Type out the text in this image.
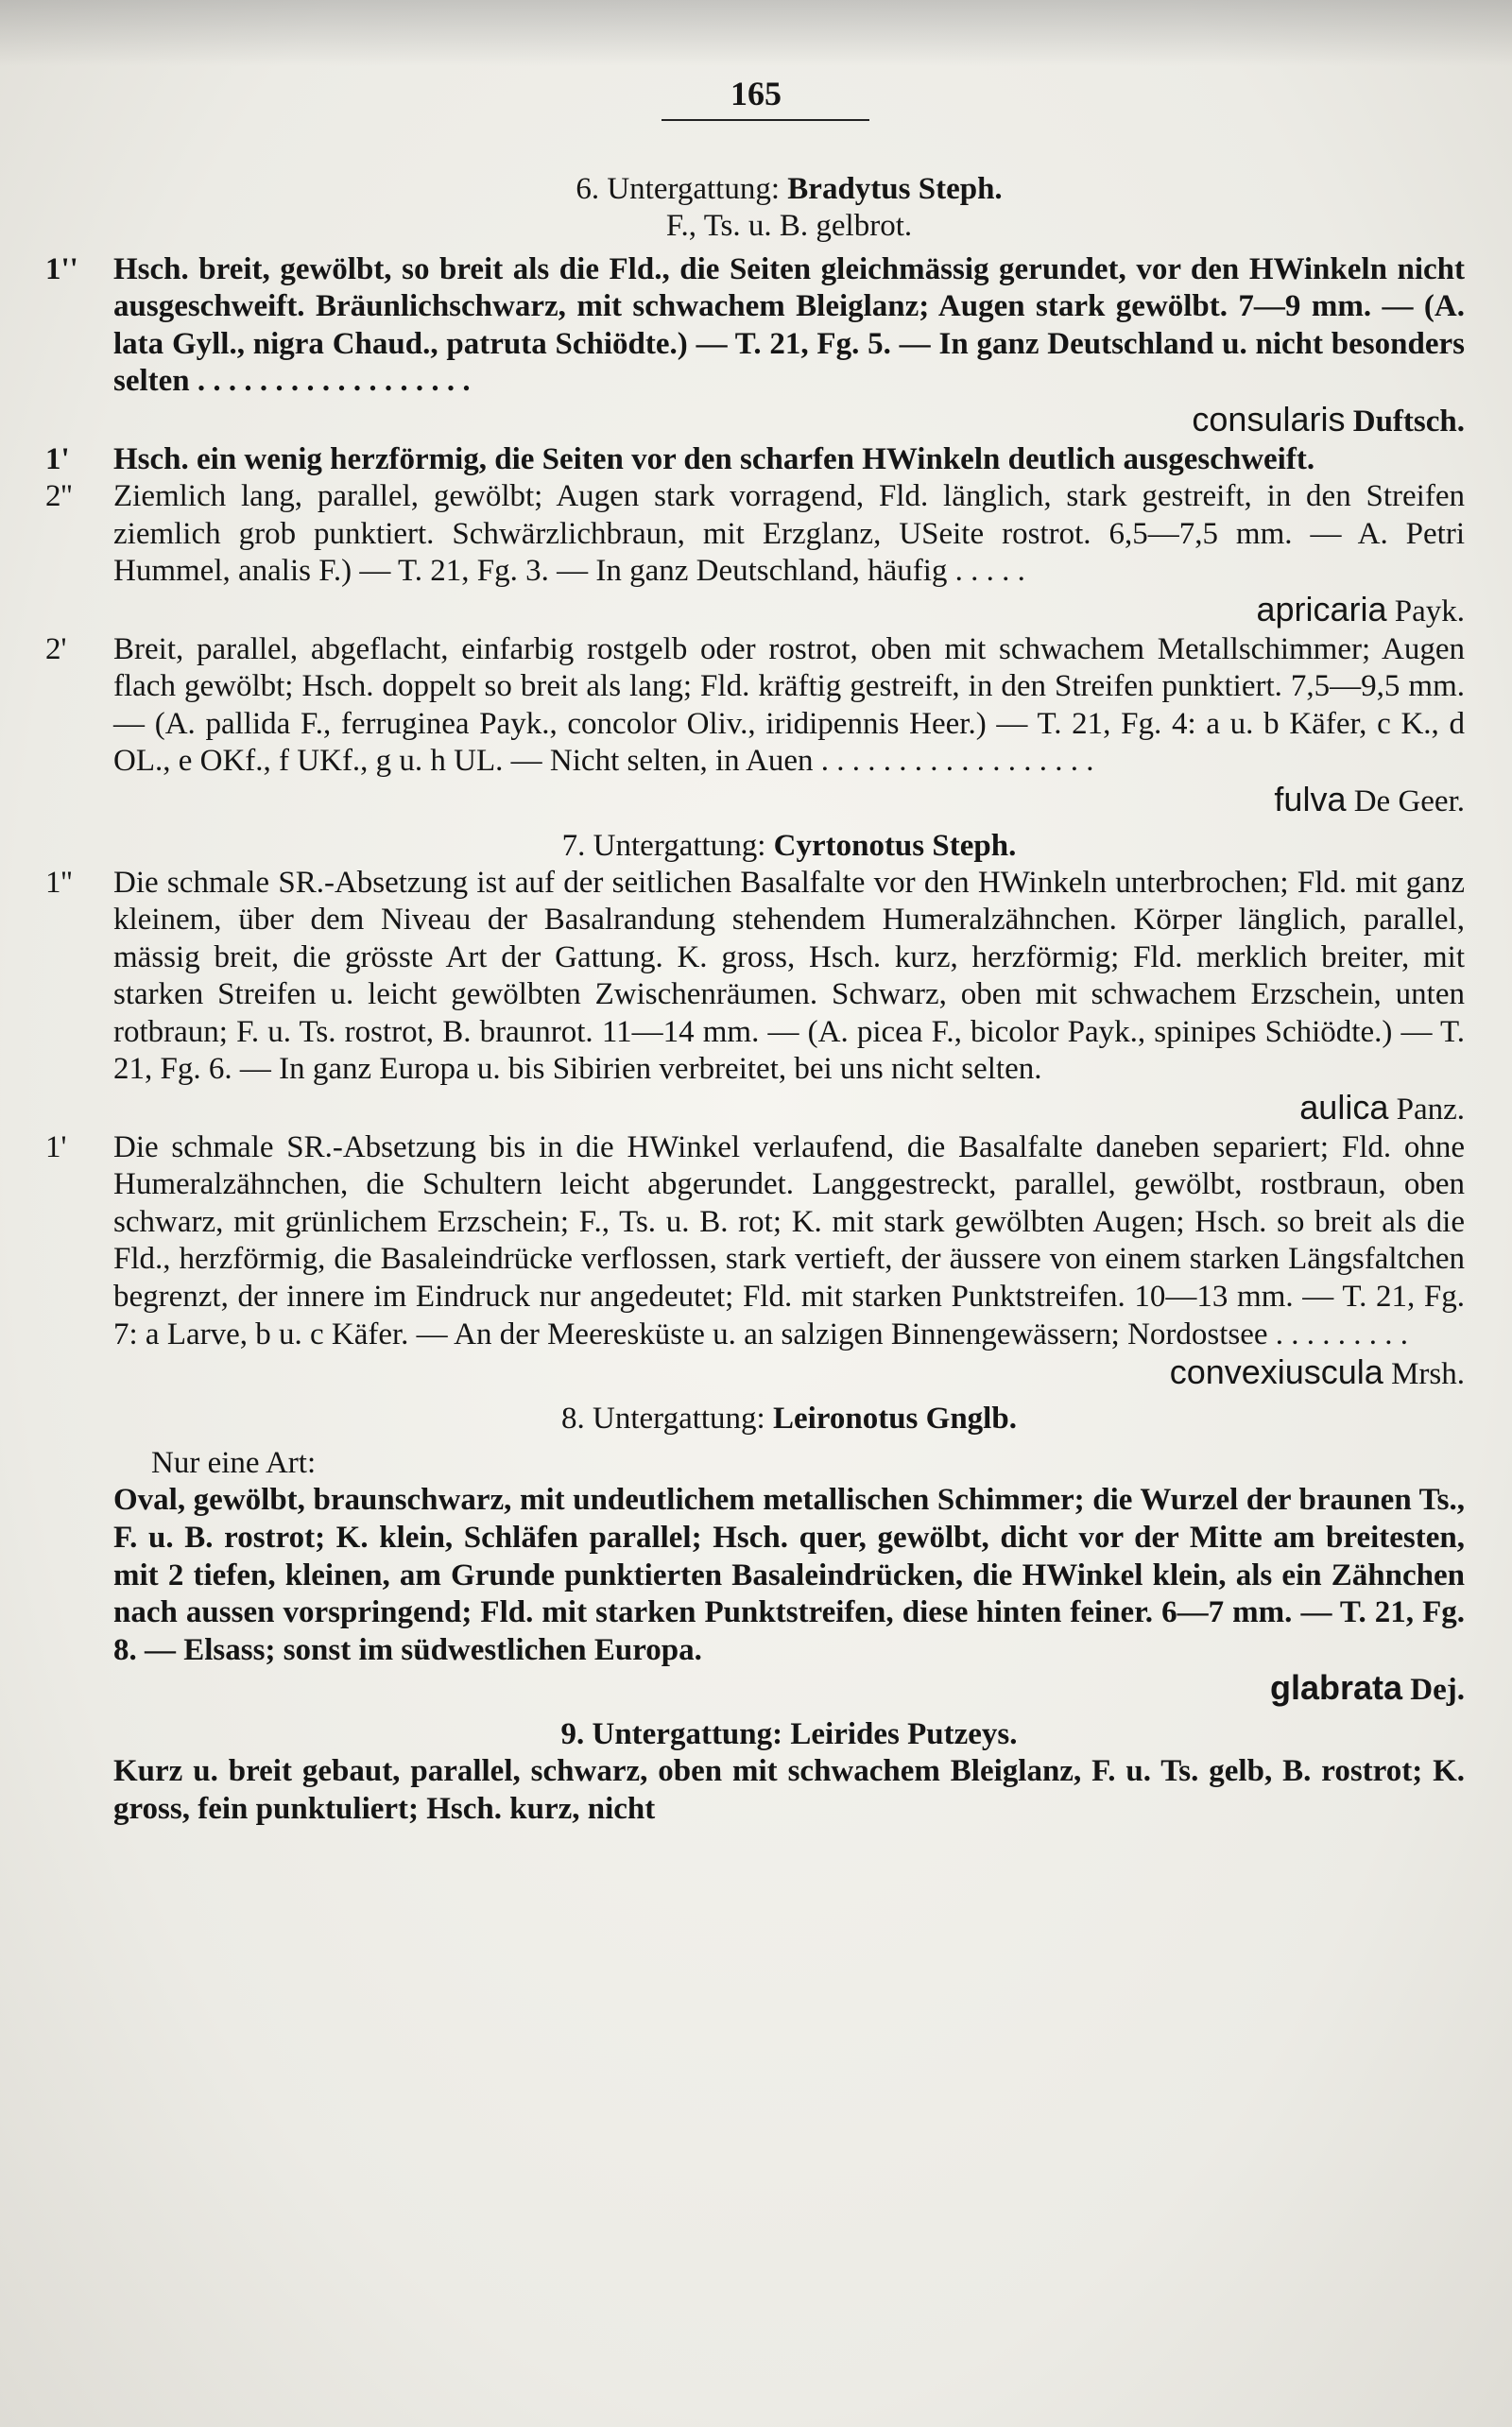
165

6. Untergattung: Bradytus Steph.

F., Ts. u. B. gelbrot.

1''	Hsch. breit, gewölbt, so breit als die Fld., die Seiten gleichmässig gerundet, vor den HWinkeln nicht ausgeschweift. Bräunlichschwarz, mit schwachem Bleiglanz; Augen stark gewölbt. 7—9 mm. — (A. lata Gyll., nigra Chaud., patruta Schiödte.) — T. 21, Fg. 5. — In ganz Deutschland u. nicht besonders selten . . . . . . . . . . . . . . . . . .
consularis Duftsch.

1'	Hsch. ein wenig herzförmig, die Seiten vor den scharfen HWinkeln deutlich ausgeschweift.

2''	Ziemlich lang, parallel, gewölbt; Augen stark vorragend, Fld. länglich, stark gestreift, in den Streifen ziemlich grob punktiert. Schwärzlichbraun, mit Erzglanz, USeite rostrot. 6,5—7,5 mm. — A. Petri Hummel, analis F.) — T. 21, Fg. 3. — In ganz Deutschland, häufig . . . . .
apricaria Payk.

2'	Breit, parallel, abgeflacht, einfarbig rostgelb oder rostrot, oben mit schwachem Metallschimmer; Augen flach gewölbt; Hsch. doppelt so breit als lang; Fld. kräftig gestreift, in den Streifen punktiert. 7,5—9,5 mm. — (A. pallida F., ferruginea Payk., concolor Oliv., iridipennis Heer.) — T. 21, Fg. 4: a u. b Käfer, c K., d OL., e OKf., f UKf., g u. h UL. — Nicht selten, in Auen . . . . . . . . . . . . . . . . . .
fulva De Geer.

7. Untergattung: Cyrtonotus Steph.

1''	Die schmale SR.-Absetzung ist auf der seitlichen Basalfalte vor den HWinkeln unterbrochen; Fld. mit ganz kleinem, über dem Niveau der Basalrandung stehendem Humeralzähnchen. Körper länglich, parallel, mässig breit, die grösste Art der Gattung. K. gross, Hsch. kurz, herzförmig; Fld. merklich breiter, mit starken Streifen u. leicht gewölbten Zwischenräumen. Schwarz, oben mit schwachem Erzschein, unten rotbraun; F. u. Ts. rostrot, B. braunrot. 11—14 mm. — (A. picea F., bicolor Payk., spinipes Schiödte.) — T. 21, Fg. 6. — In ganz Europa u. bis Sibirien verbreitet, bei uns nicht selten.
aulica Panz.

1'	Die schmale SR.-Absetzung bis in die HWinkel verlaufend, die Basalfalte daneben separiert; Fld. ohne Humeralzähnchen, die Schultern leicht abgerundet. Langgestreckt, parallel, gewölbt, rostbraun, oben schwarz, mit grünlichem Erzschein; F., Ts. u. B. rot; K. mit stark gewölbten Augen; Hsch. so breit als die Fld., herzförmig, die Basaleindrücke verflossen, stark vertieft, der äussere von einem starken Längsfaltchen begrenzt, der innere im Eindruck nur angedeutet; Fld. mit starken Punktstreifen. 10—13 mm. — T. 21, Fg. 7: a Larve, b u. c Käfer. — An der Meeresküste u. an salzigen Binnengewässern; Nordostsee . . . . . . . . .
convexiuscula Mrsh.

8. Untergattung: Leironotus Gnglb.

Nur eine Art:

Oval, gewölbt, braunschwarz, mit undeutlichem metallischen Schimmer; die Wurzel der braunen Ts., F. u. B. rostrot; K. klein, Schläfen parallel; Hsch. quer, gewölbt, dicht vor der Mitte am breitesten, mit 2 tiefen, kleinen, am Grunde punktierten Basaleindrücken, die HWinkel klein, als ein Zähnchen nach aussen vorspringend; Fld. mit starken Punktstreifen, diese hinten feiner. 6—7 mm. — T. 21, Fg. 8. — Elsass; sonst im südwestlichen Europa.
glabrata Dej.

9. Untergattung: Leirides Putzeys.

Kurz u. breit gebaut, parallel, schwarz, oben mit schwachem Bleiglanz, F. u. Ts. gelb, B. rostrot; K. gross, fein punktuliert; Hsch. kurz, nicht
